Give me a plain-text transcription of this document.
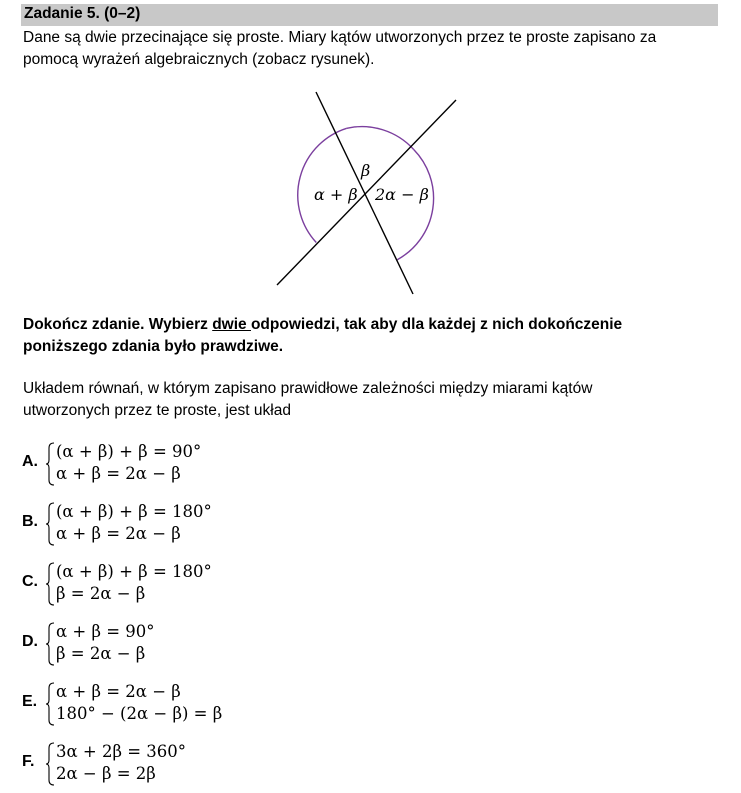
Zadanie 5. (0–2)
Dane są dwie przecinające się proste. Miary kątów utworzonych przez te proste zapisano za
pomocą wyrażeń algebraicznych (zobacz rysunek).
α + β
β
2α − β
Dokończ zdanie. Wybierz dwie odpowiedzi, tak aby dla każdej z nich dokończenie
poniższego zdania było prawdziwe.
Układem równań, w którym zapisano prawidłowe zależności między miarami kątów
utworzonych przez te proste, jest układ
A.
(α + β) + β = 90°
α + β = 2α − β
B.
(α + β) + β = 180°
α + β = 2α − β
C.
(α + β) + β = 180°
β = 2α − β
D.
α + β = 90°
β = 2α − β
E.
α + β = 2α − β
180° − (2α − β) = β
F.
3α + 2β = 360°
2α − β = 2β
